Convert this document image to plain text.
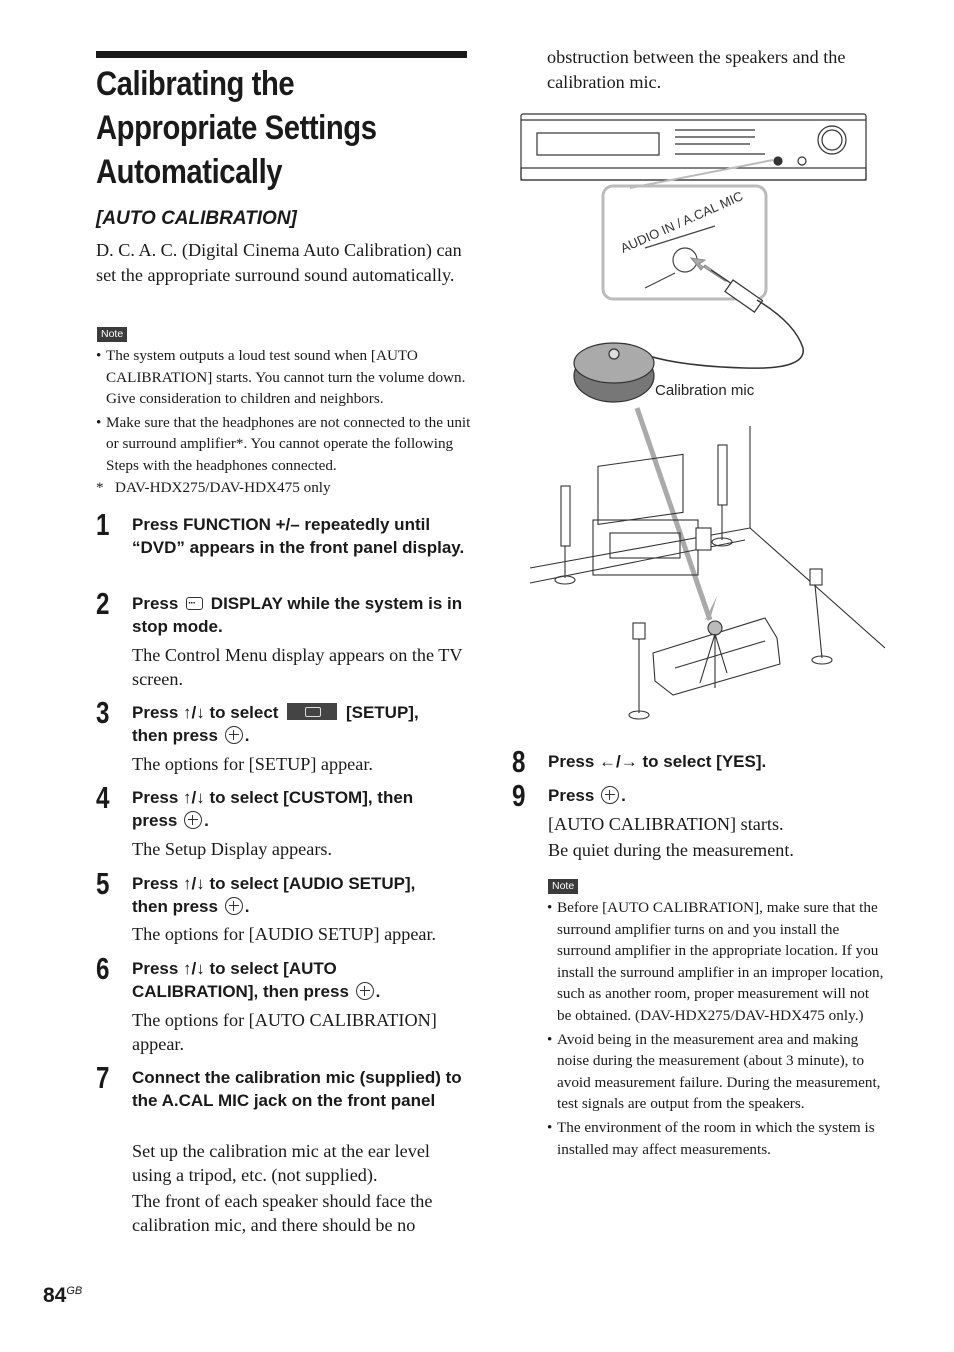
Calibrating the
Appropriate Settings
Automatically
[AUTO CALIBRATION]
D. C. A. C. (Digital Cinema Auto Calibration) can set the appropriate surround sound automatically.
Note
• The system outputs a loud test sound when [AUTO CALIBRATION] starts. You cannot turn the volume down. Give consideration to children and neighbors.
• Make sure that the headphones are not connected to the unit or surround amplifier*. You cannot operate the following Steps with the headphones connected.
* DAV-HDX275/DAV-HDX475 only
1 Press FUNCTION +/– repeatedly until “DVD” appears in the front panel display.
2 Press ··· DISPLAY while the system is in stop mode.
The Control Menu display appears on the TV screen.
3 Press ↑/↓ to select	[SETUP],
then press .
The options for [SETUP] appear.
4 Press ↑/↓ to select [CUSTOM], then
press .
The Setup Display appears.
5 Press ↑/↓ to select [AUDIO SETUP],
then press .
The options for [AUDIO SETUP] appear.
6 Press ↑/↓ to select [AUTO
CALIBRATION], then press .
The options for [AUTO CALIBRATION] appear.
7 Connect the calibration mic (supplied) to the A.CAL MIC jack on the front panel
Set up the calibration mic at the ear level using a tripod, etc. (not supplied).
The front of each speaker should face the calibration mic, and there should be no
obstruction between the speakers and the calibration mic.
AUDIO IN / A.CAL MIC
Calibration mic
8 Press ←/→ to select [YES].
9 Press .
[AUTO CALIBRATION] starts.
Be quiet during the measurement.
Note
• Before [AUTO CALIBRATION], make sure that the surround amplifier turns on and you install the surround amplifier in the appropriate location. If you install the surround amplifier in an improper location, such as another room, proper measurement will not be obtained. (DAV-HDX275/DAV-HDX475 only.)
• Avoid being in the measurement area and making noise during the measurement (about 3 minute), to avoid measurement failure. During the measurement, test signals are output from the speakers.
• The environment of the room in which the system is installed may affect measurements.
$84^{GB}$
